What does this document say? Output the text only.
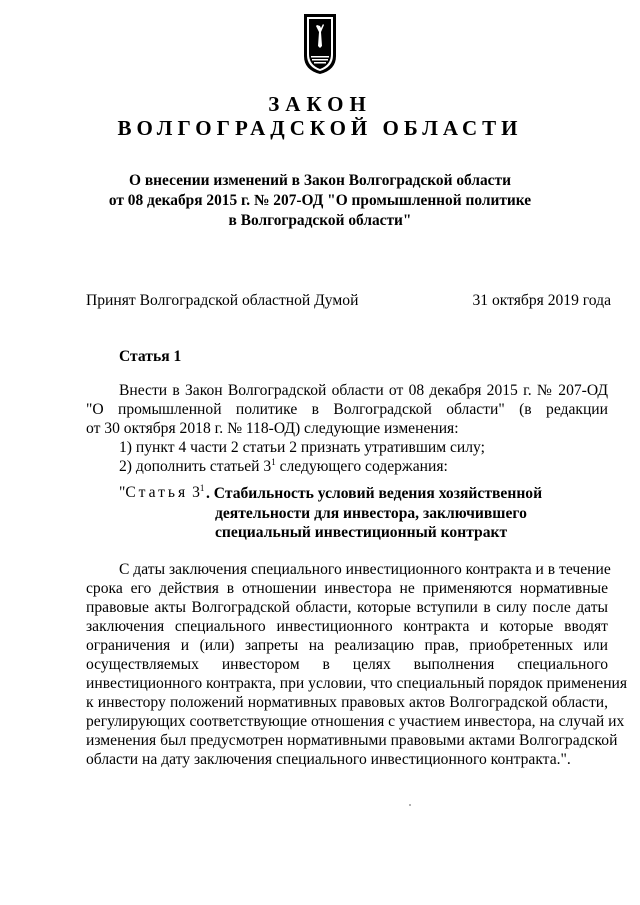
ЗАКОН
ВОЛГОГРАДСКОЙ ОБЛАСТИ
О внесении изменений в Закон Волгоградской области
от 08 декабря 2015 г. № 207-ОД "О промышленной политике
в Волгоградской области"
Принят Волгоградской областной Думой	31 октября 2019 года
Статья 1
Внести в Закон Волгоградской области от 08 декабря 2015 г. № 207-ОД
"О промышленной политике в Волгоградской области" (в редакции
от 30 октября 2018 г. № 118-ОД) следующие изменения:
1) пункт 4 части 2 статьи 2 признать утратившим силу;
2) дополнить статьей $3^1$ следующего содержания:
"Статья $3^1$ . Стабильность условий ведения хозяйственной
деятельности для инвестора, заключившего
специальный инвестиционный контракт
С даты заключения специального инвестиционного контракта и в течение
срока его действия в отношении инвестора не применяются нормативные
правовые акты Волгоградской области, которые вступили в силу после даты
заключения специального инвестиционного контракта и которые вводят
ограничения и (или) запреты на реализацию прав, приобретенных или
осуществляемых инвестором в целях выполнения специального
инвестиционного контракта, при условии, что специальный порядок применения
к инвестору положений нормативных правовых актов Волгоградской области,
регулирующих соответствующие отношения с участием инвестора, на случай их
изменения был предусмотрен нормативными правовыми актами Волгоградской
области на дату заключения специального инвестиционного контракта.".
